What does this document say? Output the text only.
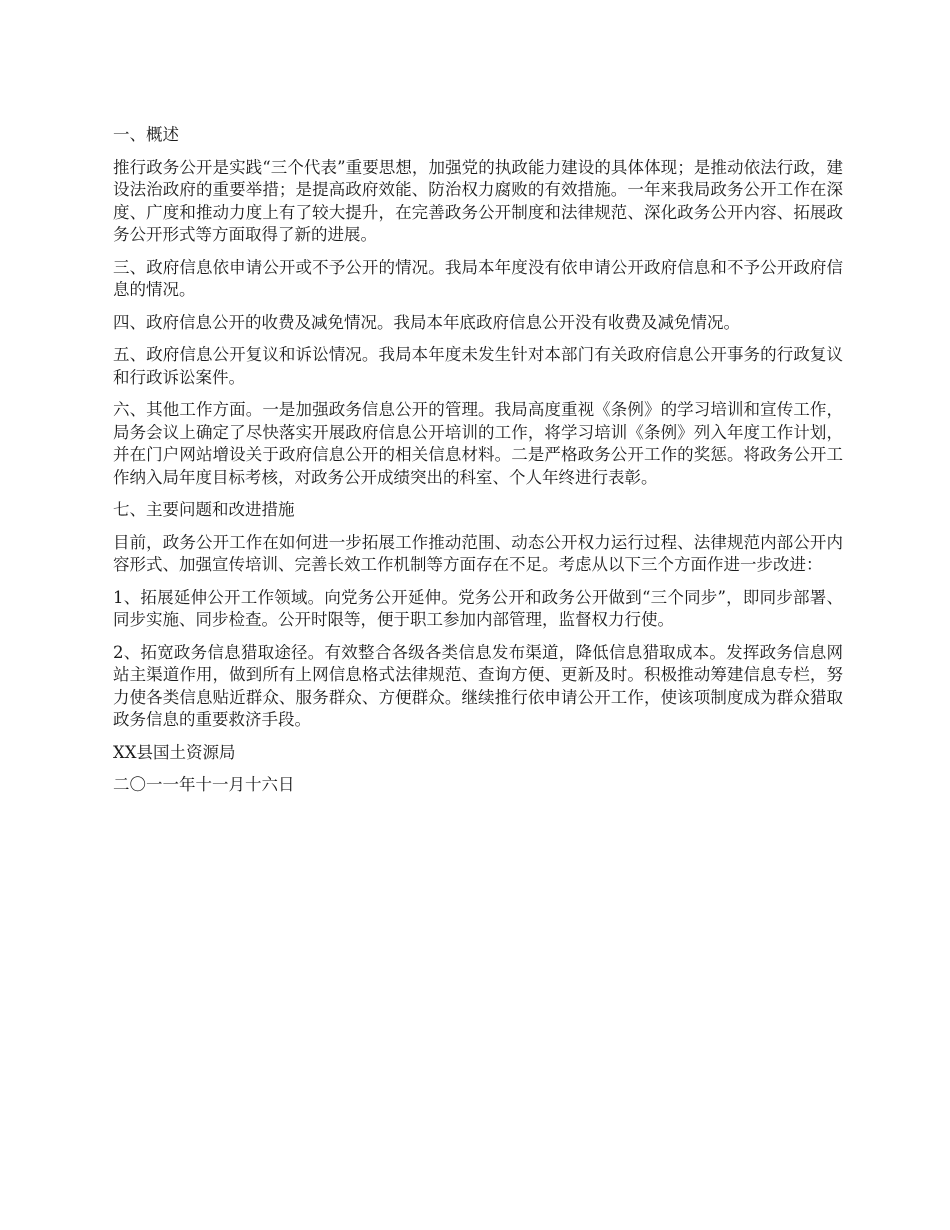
一、概述

推行政务公开是实践“三个代表”重要思想，加强党的执政能力建设的具体体现；是推动依法行政，建设法治政府的重要举措；是提高政府效能、防治权力腐败的有效措施。一年来我局政务公开工作在深度、广度和推动力度上有了较大提升，在完善政务公开制度和法律规范、深化政务公开内容、拓展政务公开形式等方面取得了新的进展。

三、政府信息依申请公开或不予公开的情况。我局本年度没有依申请公开政府信息和不予公开政府信息的情况。

四、政府信息公开的收费及减免情况。我局本年底政府信息公开没有收费及减免情况。

五、政府信息公开复议和诉讼情况。我局本年度未发生针对本部门有关政府信息公开事务的行政复议和行政诉讼案件。

六、其他工作方面。一是加强政务信息公开的管理。我局高度重视《条例》的学习培训和宣传工作，局务会议上确定了尽快落实开展政府信息公开培训的工作，将学习培训《条例》列入年度工作计划，并在门户网站增设关于政府信息公开的相关信息材料。二是严格政务公开工作的奖惩。将政务公开工作纳入局年度目标考核，对政务公开成绩突出的科室、个人年终进行表彰。

七、主要问题和改进措施

目前，政务公开工作在如何进一步拓展工作推动范围、动态公开权力运行过程、法律规范内部公开内容形式、加强宣传培训、完善长效工作机制等方面存在不足。考虑从以下三个方面作进一步改进：

1、拓展延伸公开工作领域。向党务公开延伸。党务公开和政务公开做到“三个同步”，即同步部署、同步实施、同步检查。公开时限等，便于职工参加内部管理，监督权力行使。

2、拓宽政务信息猎取途径。有效整合各级各类信息发布渠道，降低信息猎取成本。发挥政务信息网站主渠道作用，做到所有上网信息格式法律规范、查询方便、更新及时。积极推动筹建信息专栏，努力使各类信息贴近群众、服务群众、方便群众。继续推行依申请公开工作，使该项制度成为群众猎取政务信息的重要救济手段。

XX县国土资源局

二〇一一年十一月十六日
